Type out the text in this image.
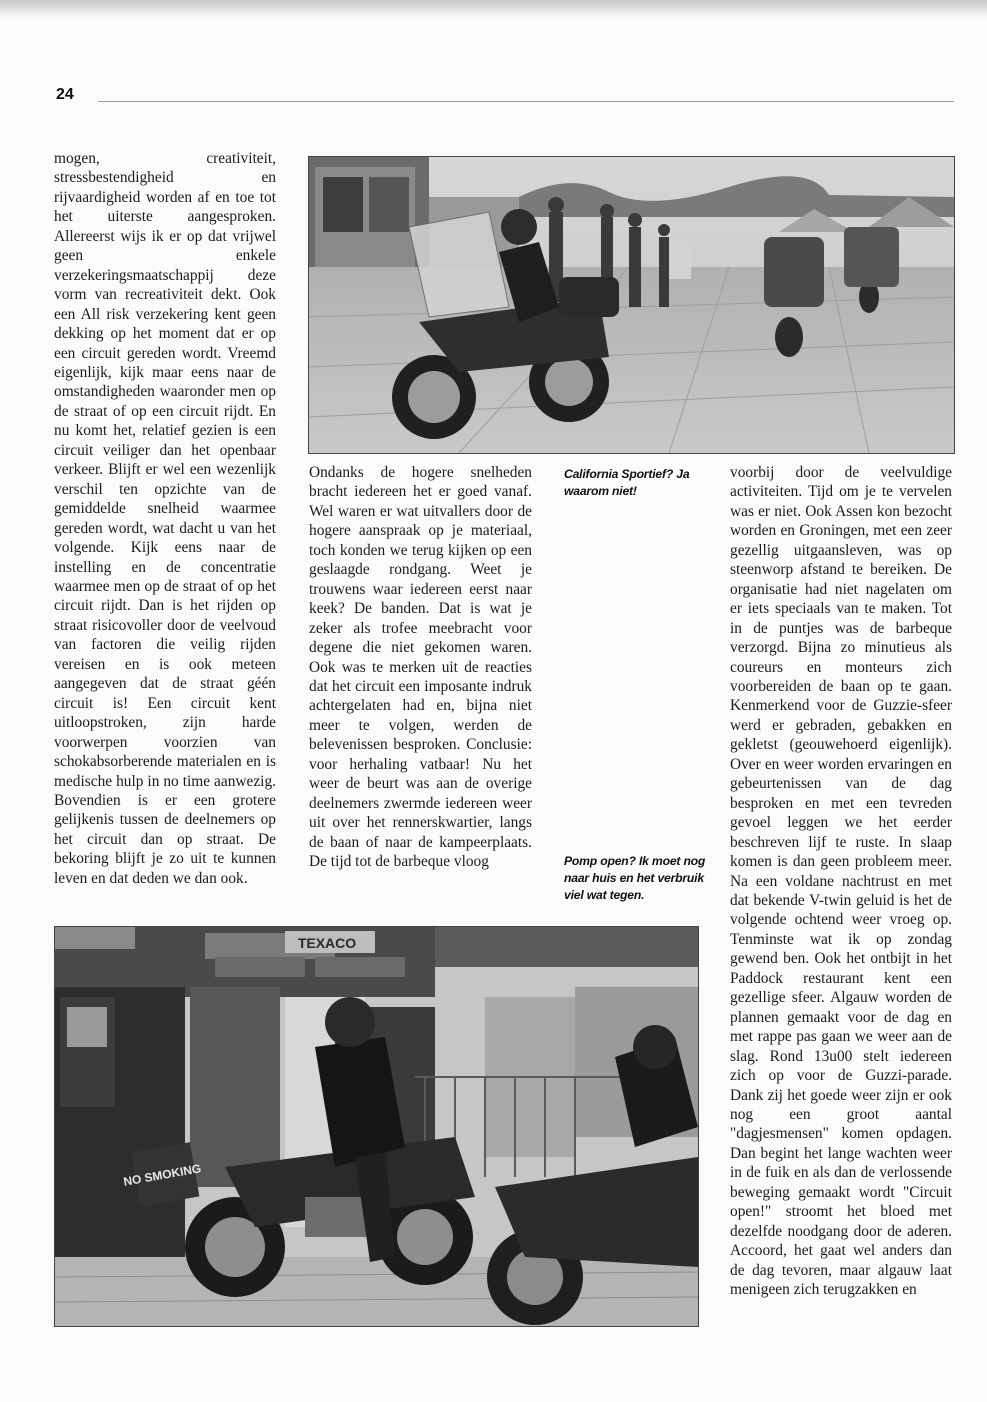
24

mogen, creativiteit, stressbestendigheid en rijvaardigheid worden af en toe tot het uiterste aangesproken. Allereerst wijs ik er op dat vrijwel geen enkele verzekeringsmaatschappij deze vorm van recreativiteit dekt. Ook een All risk verzekering kent geen dekking op het moment dat er op een circuit gereden wordt. Vreemd eigenlijk, kijk maar eens naar de omstandigheden waaronder men op de straat of op een circuit rijdt. En nu komt het, relatief gezien is een circuit veiliger dan het openbaar verkeer. Blijft er wel een wezenlijk verschil ten opzichte van de gemiddelde snelheid waarmee gereden wordt, wat dacht u van het volgende. Kijk eens naar de instelling en de concentratie waarmee men op de straat of op het circuit rijdt. Dan is het rijden op straat risicovoller door de veelvoud van factoren die veilig rijden vereisen en is ook meteen aangegeven dat de straat géén circuit is! Een circuit kent uitloopstroken, zijn harde voorwerpen voorzien van schokabsorberende materialen en is medische hulp in no time aanwezig. Bovendien is er een grotere gelijkenis tussen de deelnemers op het circuit dan op straat. De bekoring blijft je zo uit te kunnen leven en dat deden we dan ook.

Ondanks de hogere snelheden bracht iedereen het er goed vanaf. Wel waren er wat uitvallers door de hogere aanspraak op je materiaal, toch konden we terug kijken op een geslaagde rondgang. Weet je trouwens waar iedereen eerst naar keek? De banden. Dat is wat je zeker als trofee meebracht voor degene die niet gekomen waren. Ook was te merken uit de reacties dat het circuit een imposante indruk achtergelaten had en, bijna niet meer te volgen, werden de belevenissen besproken. Conclusie: voor herhaling vatbaar! Nu het weer de beurt was aan de overige deelnemers zwermde iedereen weer uit over het rennerskwartier, langs de baan of naar de kampeerplaats. De tijd tot de barbeque vloog

California Sportief? Ja waarom niet!
Pomp open? Ik moet nog naar huis en het verbruik viel wat tegen.

voorbij door de veelvuldige activiteiten. Tijd om je te vervelen was er niet. Ook Assen kon bezocht worden en Groningen, met een zeer gezellig uitgaansleven, was op steenworp afstand te bereiken. De organisatie had niet nagelaten om er iets speciaals van te maken. Tot in de puntjes was de barbeque verzorgd. Bijna zo minutieus als coureurs en monteurs zich voorbereiden de baan op te gaan. Kenmerkend voor de Guzzie-sfeer werd er gebraden, gebakken en gekletst (geouwehoerd eigenlijk). Over en weer worden ervaringen en gebeurtenissen van de dag besproken en met een tevreden gevoel leggen we het eerder beschreven lijf te ruste. In slaap komen is dan geen probleem meer. Na een voldane nachtrust en met dat bekende V-twin geluid is het de volgende ochtend weer vroeg op. Tenminste wat ik op zondag gewend ben. Ook het ontbijt in het Paddock restaurant kent een gezellige sfeer. Algauw worden de plannen gemaakt voor de dag en met rappe pas gaan we weer aan de slag. Rond 13u00 stelt iedereen zich op voor de Guzzi-parade. Dank zij het goede weer zijn er ook nog een groot aantal "dagjesmensen" komen opdagen. Dan begint het lange wachten weer in de fuik en als dan de verlossende beweging gemaakt wordt "Circuit open!" stroomt het bloed met dezelfde noodgang door de aderen. Accoord, het gaat wel anders dan de dag tevoren, maar algauw laat menigeen zich terugzakken en

TEXACO
NO SMOKING
